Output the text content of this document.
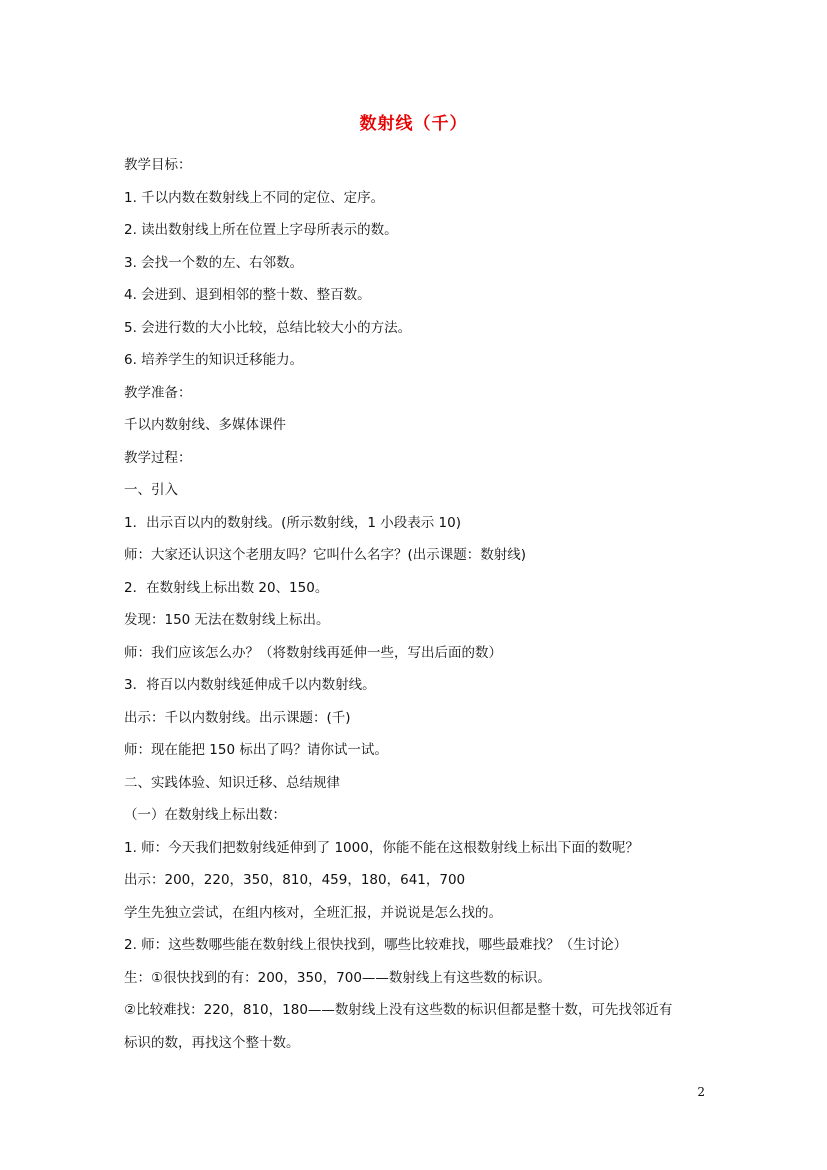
数射线（千）
教学目标：
1. 千以内数在数射线上不同的定位、定序。
2. 读出数射线上所在位置上字母所表示的数。
3. 会找一个数的左、右邻数。
4. 会进到、退到相邻的整十数、整百数。
5. 会进行数的大小比较，总结比较大小的方法。
6. 培养学生的知识迁移能力。
教学准备：
千以内数射线、多媒体课件
教学过程：
一、引入
1．出示百以内的数射线。(所示数射线，1 小段表示 10)
师：大家还认识这个老朋友吗？它叫什么名字？(出示课题：数射线)
2．在数射线上标出数 20、150。
发现：150 无法在数射线上标出。
师：我们应该怎么办？（将数射线再延伸一些，写出后面的数）
3．将百以内数射线延伸成千以内数射线。
出示：千以内数射线。出示课题：(千)
师：现在能把 150 标出了吗？请你试一试。
二、实践体验、知识迁移、总结规律
（一）在数射线上标出数：
1. 师：今天我们把数射线延伸到了 1000，你能不能在这根数射线上标出下面的数呢？
出示：200，220，350，810，459，180，641，700
学生先独立尝试，在组内核对，全班汇报，并说说是怎么找的。
2. 师：这些数哪些能在数射线上很快找到，哪些比较难找，哪些最难找？（生讨论）
生：①很快找到的有：200，350，700——数射线上有这些数的标识。
②比较难找：220，810，180——数射线上没有这些数的标识但都是整十数，可先找邻近有
标识的数，再找这个整十数。
2
